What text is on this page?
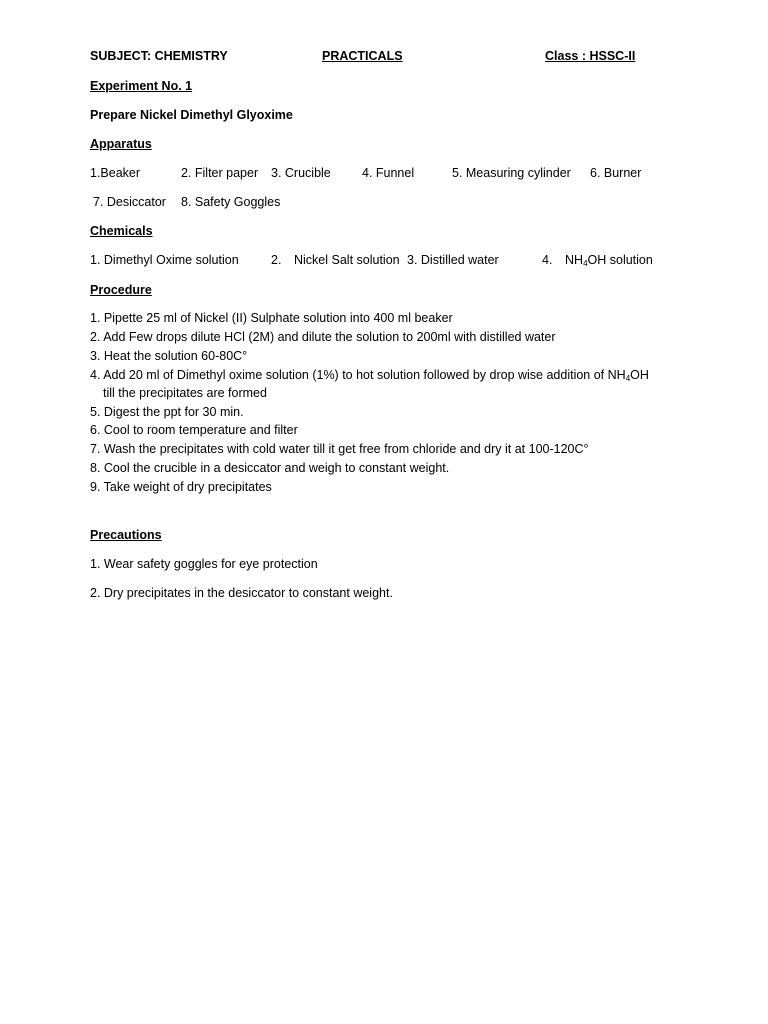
SUBJECT: CHEMISTRY	PRACTICALS	Class : HSSC-II
Experiment No. 1
Prepare Nickel Dimethyl Glyoxime
Apparatus
1.Beaker	2. Filter paper 3. Crucible	4. Funnel	5. Measuring cylinder 6. Burner
7. Desiccator 8. Safety Goggles
Chemicals
1. Dimethyl Oxime solution	2. Nickel Salt solution 3. Distilled water	4. $NH_4OH$ solution
Procedure
1. Pipette 25 ml of Nickel (II) Sulphate solution into 400 ml beaker
2. Add Few drops dilute HCl (2M) and dilute the solution to 200ml with distilled water
3. Heat the solution 60-80C°
4. Add 20 ml of Dimethyl oxime solution (1%) to hot solution followed by drop wise addition of $NH_4OH$
till the precipitates are formed
5. Digest the ppt for 30 min.
6. Cool to room temperature and filter
7. Wash the precipitates with cold water till it get free from chloride and dry it at 100-120C°
8. Cool the crucible in a desiccator and weigh to constant weight.
9. Take weight of dry precipitates
Precautions
1. Wear safety goggles for eye protection
2. Dry precipitates in the desiccator to constant weight.
